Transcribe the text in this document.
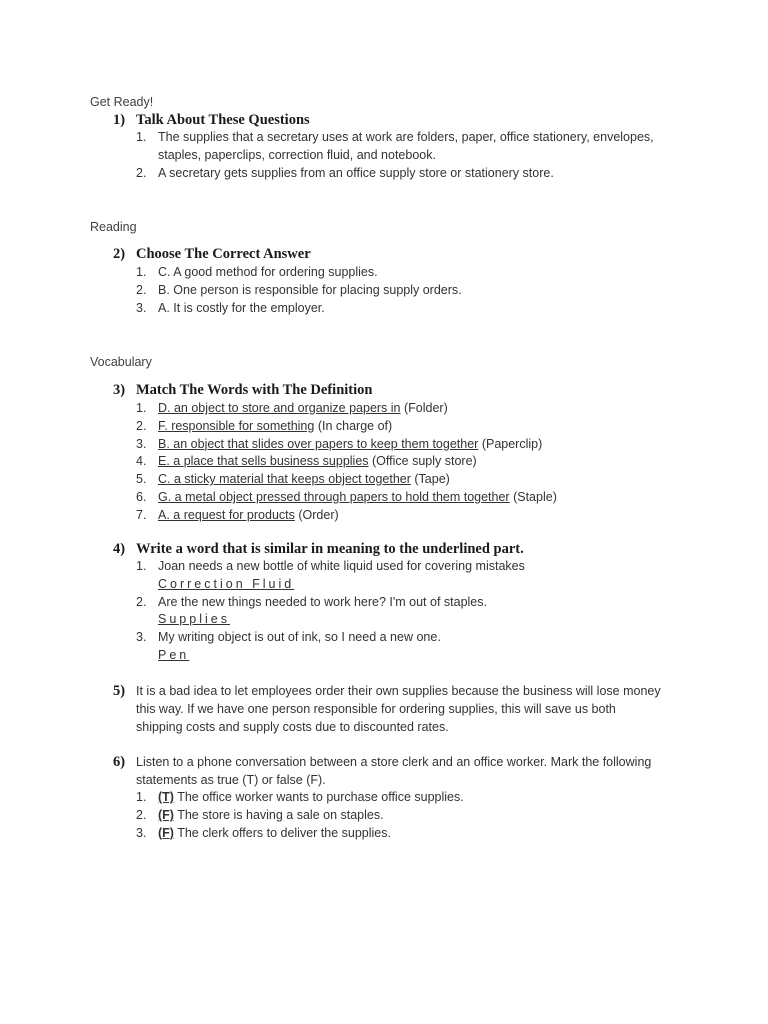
Get Ready!
1) Talk About These Questions
1. The supplies that a secretary uses at work are folders, paper, office stationery, envelopes, staples, paperclips, correction fluid, and notebook.
2. A secretary gets supplies from an office supply store or stationery store.
Reading
2) Choose The Correct Answer
1. C. A good method for ordering supplies.
2. B. One person is responsible for placing supply orders.
3. A. It is costly for the employer.
Vocabulary
3) Match The Words with The Definition
1. D. an object to store and organize papers in (Folder)
2. F. responsible for something (In charge of)
3. B. an object that slides over papers to keep them together (Paperclip)
4. E. a place that sells business supplies (Office suply store)
5. C. a sticky material that keeps object together (Tape)
6. G. a metal object pressed through papers to hold them together (Staple)
7. A. a request for products (Order)
4) Write a word that is similar in meaning to the underlined part.
1. Joan needs a new bottle of white liquid used for covering mistakes
Correction Fluid
2. Are the new things needed to work here? I'm out of staples.
Supplies
3. My writing object is out of ink, so I need a new one.
Pen
5) It is a bad idea to let employees order their own supplies because the business will lose money this way. If we have one person responsible for ordering supplies, this will save us both shipping costs and supply costs due to discounted rates.
6) Listen to a phone conversation between a store clerk and an office worker. Mark the following statements as true (T) or false (F).
1. (T) The office worker wants to purchase office supplies.
2. (F) The store is having a sale on staples.
3. (F) The clerk offers to deliver the supplies.
